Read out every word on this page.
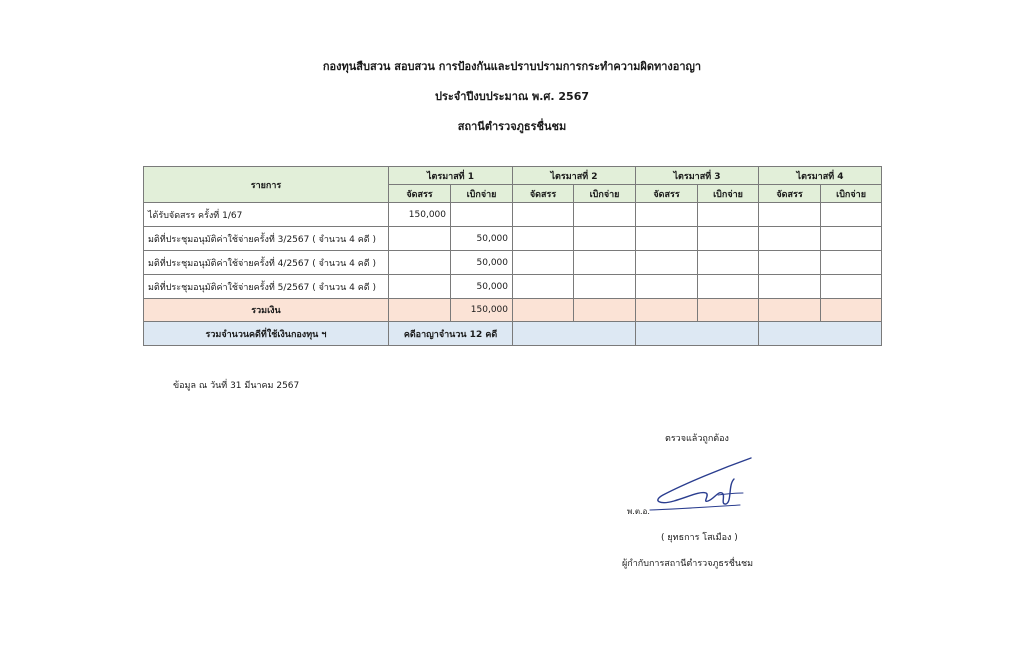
กองทุนสืบสวน สอบสวน การป้องกันและปราบปรามการกระทำความผิดทางอาญา
ประจำปีงบประมาณ พ.ศ. 2567
สถานีตำรวจภูธรชื่นชม
รายการ	ไตรมาสที่ 1		ไตรมาสที่ 2		ไตรมาสที่ 3		ไตรมาสที่ 4	
	จัดสรร	เบิกจ่าย	จัดสรร	เบิกจ่าย	จัดสรร	เบิกจ่าย	จัดสรร	เบิกจ่าย
ได้รับจัดสรร ครั้งที่ 1/67	150,000							
มติที่ประชุมอนุมัติค่าใช้จ่ายครั้งที่ 3/2567 ( จำนวน 4 คดี )		50,000						
มติที่ประชุมอนุมัติค่าใช้จ่ายครั้งที่ 4/2567 ( จำนวน 4 คดี )		50,000						
มติที่ประชุมอนุมัติค่าใช้จ่ายครั้งที่ 5/2567 ( จำนวน 4 คดี )		50,000						
รวมเงิน		150,000						
รวมจำนวนคดีที่ใช้เงินกองทุน ฯ	คดีอาญาจำนวน 12 คดี							
ข้อมูล ณ วันที่ 31 มีนาคม 2567
ตรวจแล้วถูกต้อง
พ.ต.อ.
( ยุทธการ โสเมือง )
ผู้กำกับการสถานีตำรวจภูธรชื่นชม
